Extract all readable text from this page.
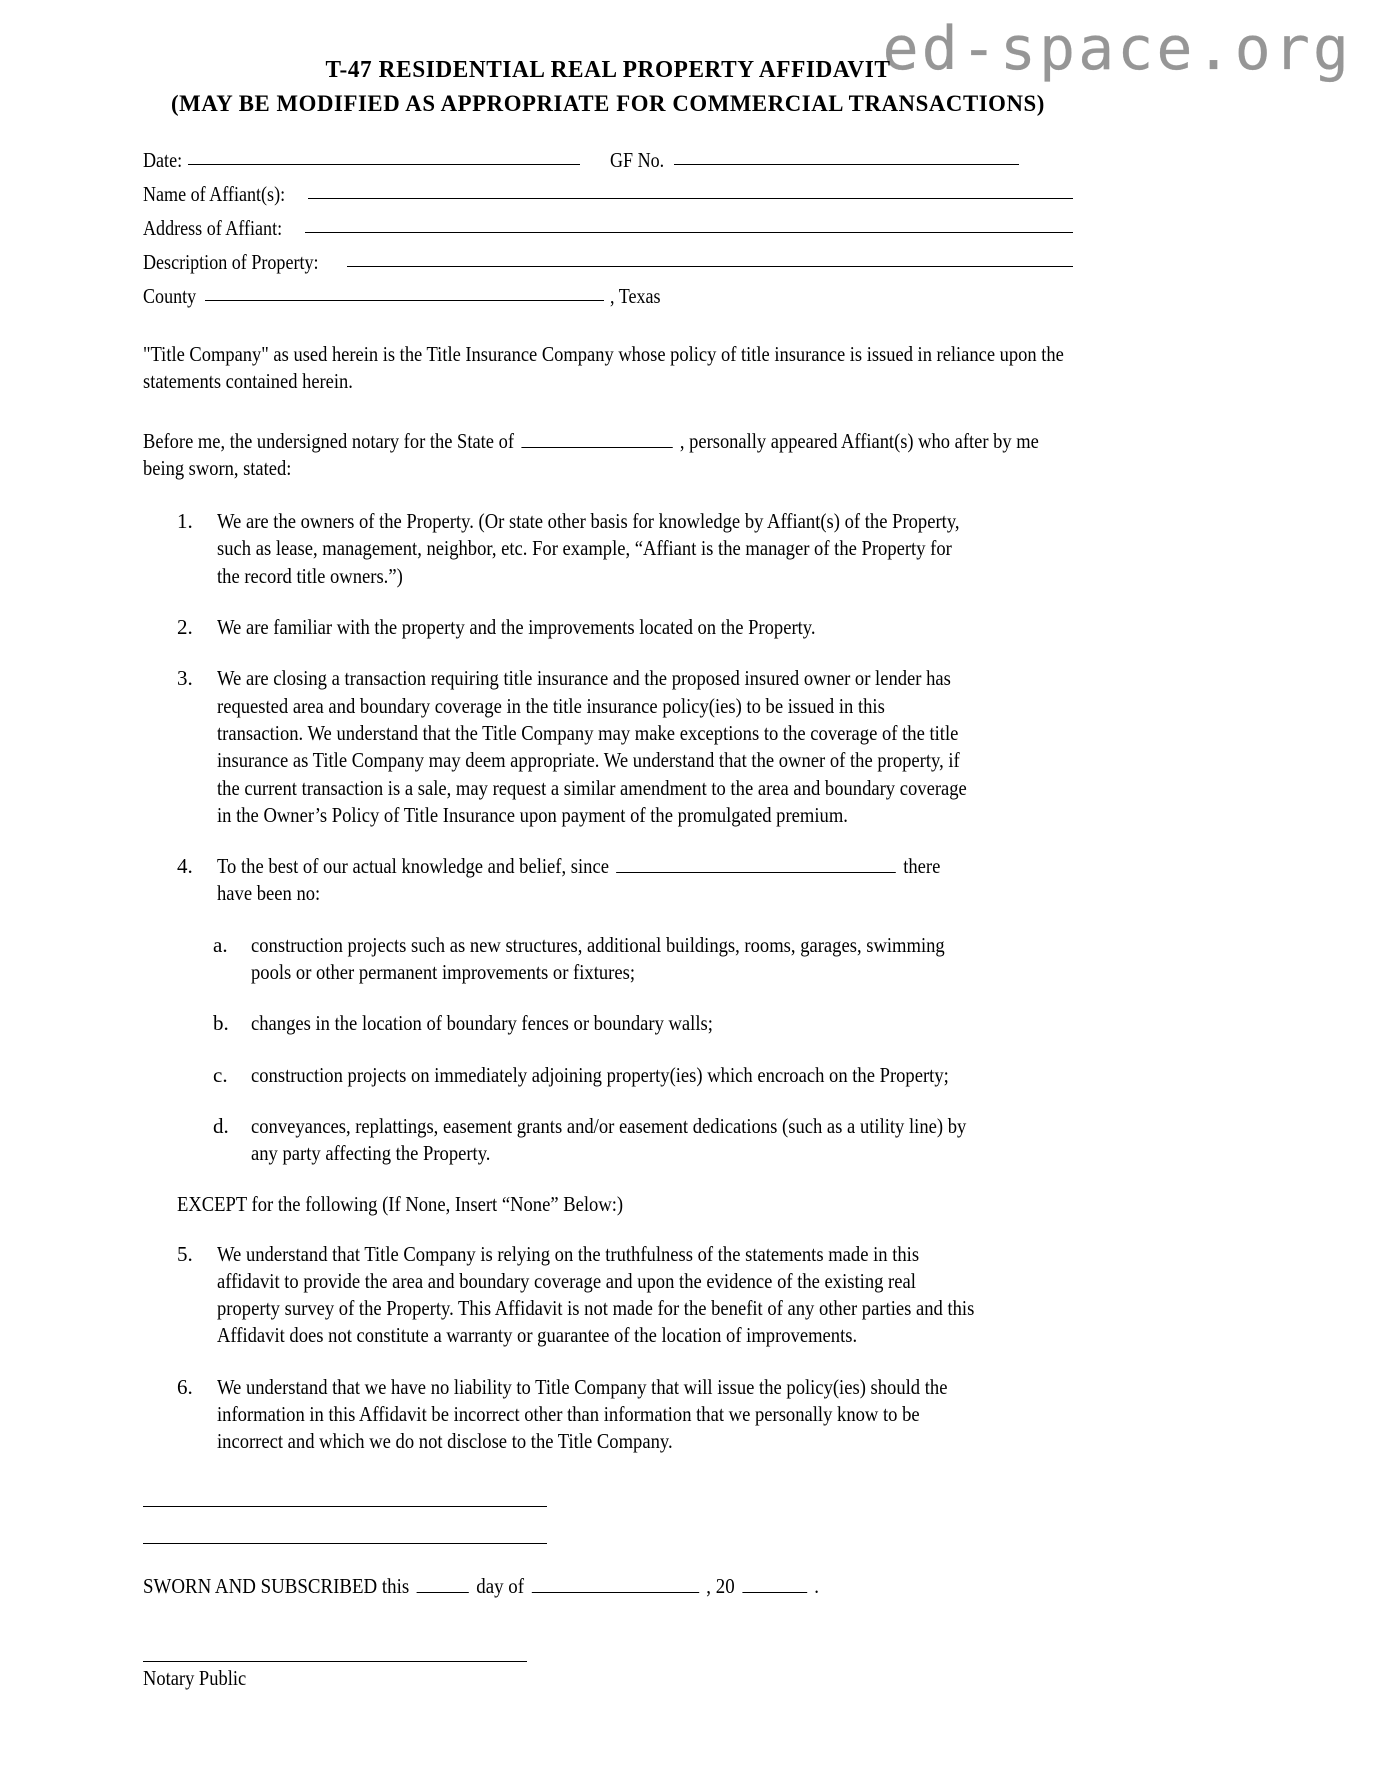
ed-space.org
T-47 RESIDENTIAL REAL PROPERTY AFFIDAVIT
(MAY BE MODIFIED AS APPROPRIATE FOR COMMERCIAL TRANSACTIONS)
Date:	GF No.
Name of Affiant(s):
Address of Affiant:
Description of Property:
County	, Texas
"Title Company" as used herein is the Title Insurance Company whose policy of title insurance is issued in reliance upon the statements contained herein.
Before me, the undersigned notary for the State of	, personally appeared Affiant(s) who after by me being sworn, stated:
1.	We are the owners of the Property. (Or state other basis for knowledge by Affiant(s) of the Property, such as lease, management, neighbor, etc. For example, “Affiant is the manager of the Property for the record title owners.”)
2.	We are familiar with the property and the improvements located on the Property.
3.	We are closing a transaction requiring title insurance and the proposed insured owner or lender has requested area and boundary coverage in the title insurance policy(ies) to be issued in this transaction. We understand that the Title Company may make exceptions to the coverage of the title insurance as Title Company may deem appropriate. We understand that the owner of the property, if the current transaction is a sale, may request a similar amendment to the area and boundary coverage in the Owner’s Policy of Title Insurance upon payment of the promulgated premium.
4.	To the best of our actual knowledge and belief, since	there have been no:
a.	construction projects such as new structures, additional buildings, rooms, garages, swimming pools or other permanent improvements or fixtures;
b.	changes in the location of boundary fences or boundary walls;
c.	construction projects on immediately adjoining property(ies) which encroach on the Property;
d.	conveyances, replattings, easement grants and/or easement dedications (such as a utility line) by any party affecting the Property.
EXCEPT for the following (If None, Insert “None” Below:)
5.	We understand that Title Company is relying on the truthfulness of the statements made in this affidavit to provide the area and boundary coverage and upon the evidence of the existing real property survey of the Property. This Affidavit is not made for the benefit of any other parties and this Affidavit does not constitute a warranty or guarantee of the location of improvements.
6.	We understand that we have no liability to Title Company that will issue the policy(ies) should the information in this Affidavit be incorrect other than information that we personally know to be incorrect and which we do not disclose to the Title Company.
SWORN AND SUBSCRIBED this	day of	, 20	.
Notary Public
